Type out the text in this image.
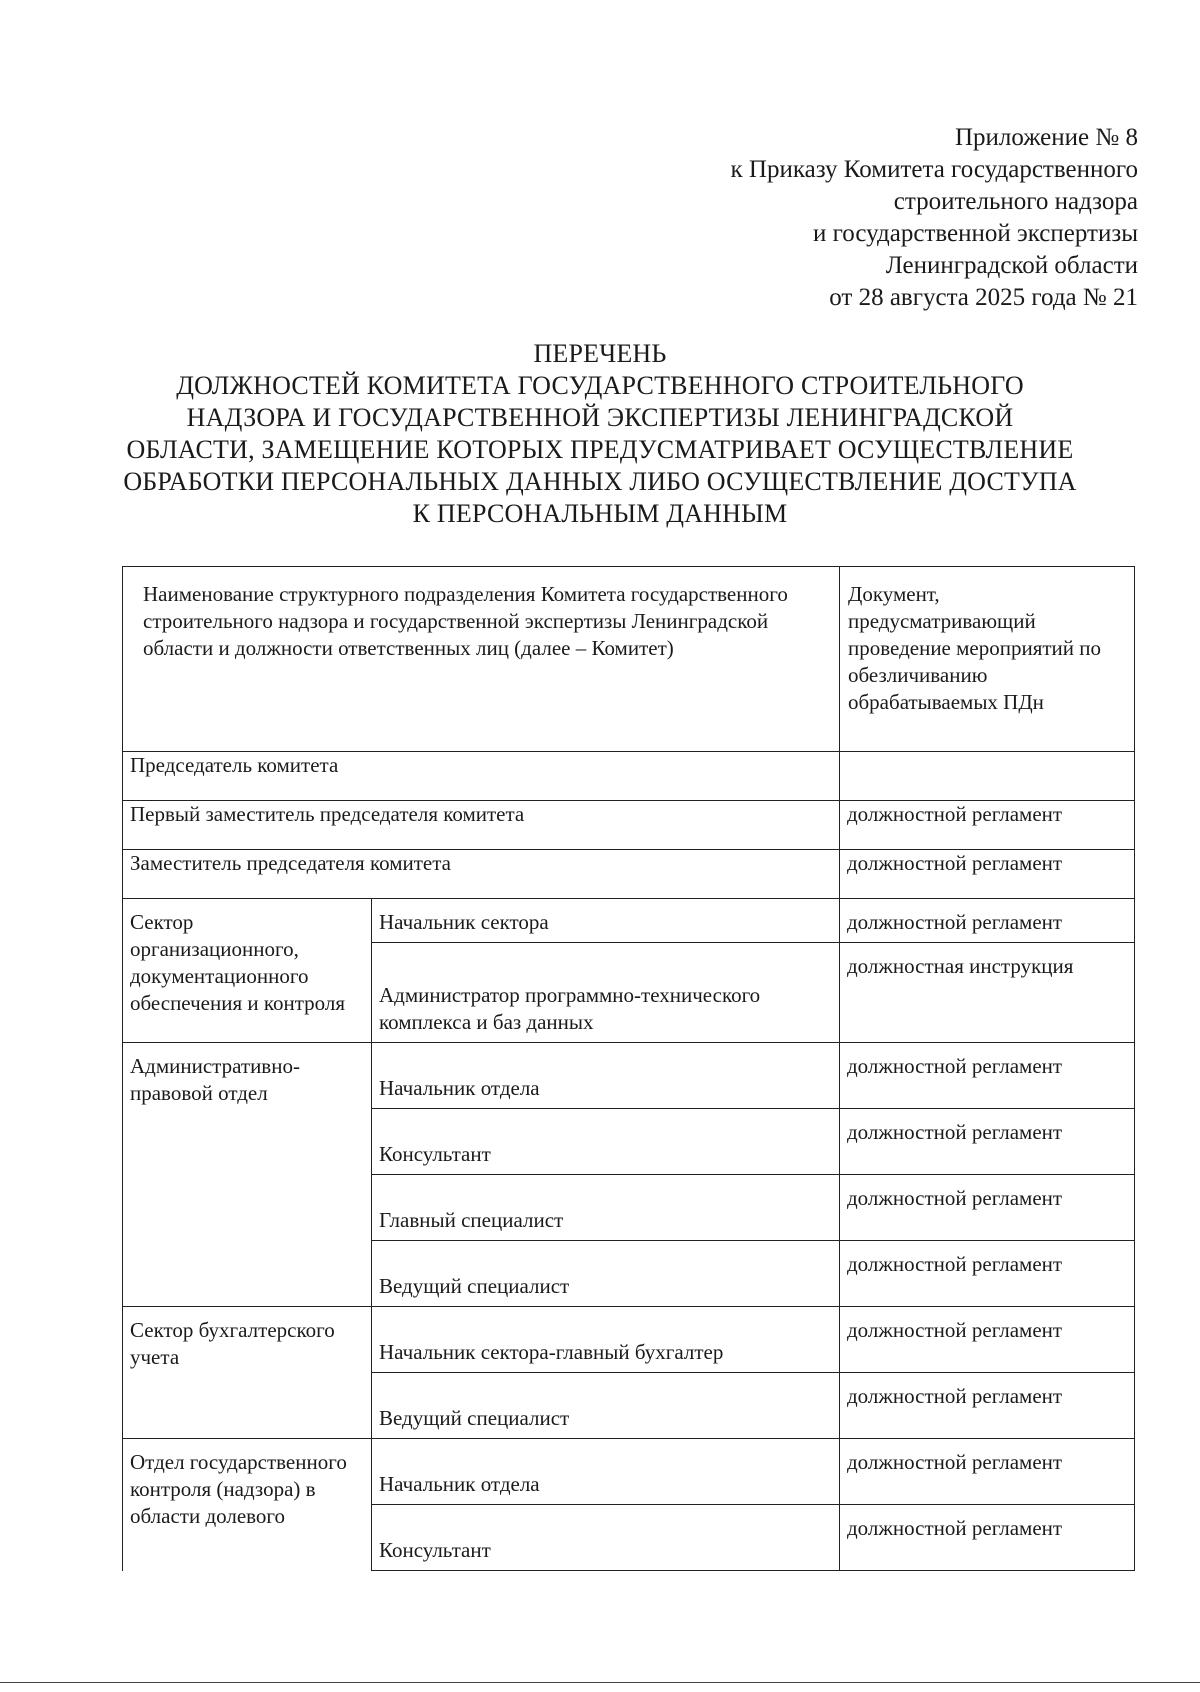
Приложение № 8
к Приказу Комитета государственного
строительного надзора
и государственной экспертизы
Ленинградской области
от 28 августа 2025 года № 21
ПЕРЕЧЕНЬ
ДОЛЖНОСТЕЙ КОМИТЕТА ГОСУДАРСТВЕННОГО СТРОИТЕЛЬНОГО
НАДЗОРА И ГОСУДАРСТВЕННОЙ ЭКСПЕРТИЗЫ ЛЕНИНГРАДСКОЙ
ОБЛАСТИ, ЗАМЕЩЕНИЕ КОТОРЫХ ПРЕДУСМАТРИВАЕТ ОСУЩЕСТВЛЕНИЕ
ОБРАБОТКИ ПЕРСОНАЛЬНЫХ ДАННЫХ ЛИБО ОСУЩЕСТВЛЕНИЕ ДОСТУПА
К ПЕРСОНАЛЬНЫМ ДАННЫМ
Наименование структурного подразделения Комитета государственного строительного надзора и государственной экспертизы Ленинградской области и должности ответственных лиц (далее – Комитет)		Документ, предусматривающий проведение мероприятий по обезличиванию обрабатываемых ПДн
Председатель комитета		
Первый заместитель председателя комитета		должностной регламент
Заместитель председателя комитета		должностной регламент
Сектор организационного, документационного обеспечения и контроля	Начальник сектора	должностной регламент
	Администратор программно-технического комплекса и баз данных	должностная инструкция
Административно-правовой отдел	Начальник отдела	должностной регламент
	Консультант	должностной регламент
	Главный специалист	должностной регламент
	Ведущий специалист	должностной регламент
Сектор бухгалтерского учета	Начальник сектора-главный бухгалтер	должностной регламент
	Ведущий специалист	должностной регламент
Отдел государственного контроля (надзора) в области долевого	Начальник отдела	должностной регламент
	Консультант	должностной регламент
